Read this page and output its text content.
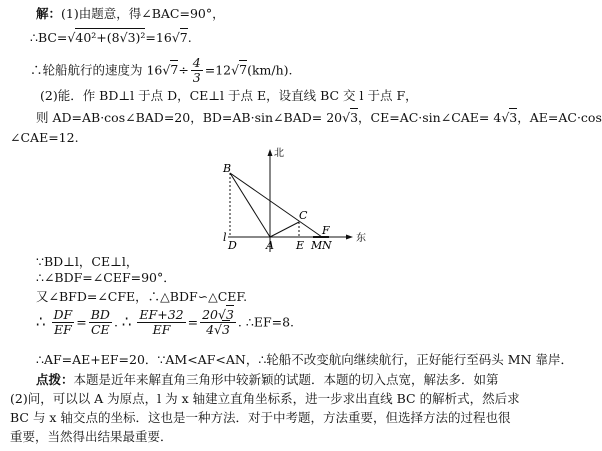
解：(1)由题意，得∠BAC=90°，
∴BC=√40²+(8√3)²=16√7.
∴轮船航行的速度为 $16√7\div \frac{4}{3} =12√7(km/h)$.
(2)能．作 BD⊥l 于点 D，CE⊥l 于点 E，设直线 BC 交 l 于点 F，
则 AD=AB·cos∠BAD=20，BD=AB·sin∠BAD= 20√3，CE=AC·sin∠CAE= 4√3，AE=AC·cos
∠CAE=12.
北
东
l
B
C
F
D	A E M N
∵BD⊥l，CE⊥l，
∴∠BDF=∠CEF=90°．
又∠BFD=∠CFE，∴△BDF∽△CEF.
∴ $\frac{DF}{EF} = \frac{BD}{CE}$ . ∴ $\frac{EF+32}{EF} = \frac{20√3}{4√3}$ . ∴EF=8.
∴AF=AE+EF=20．∵AM<AF<AN，∴轮船不改变航向继续航行，正好能行至码头 MN 靠岸．
点拨：本题是近年来解直角三角形中较新颖的试题．本题的切入点宽，解法多．如第
(2)问，可以以 A 为原点，l 为 x 轴建立直角坐标系，进一步求出直线 BC 的解析式，然后求
BC 与 x 轴交点的坐标．这也是一种方法．对于中考题，方法重要，但选择方法的过程也很
重要，当然得出结果最重要．
